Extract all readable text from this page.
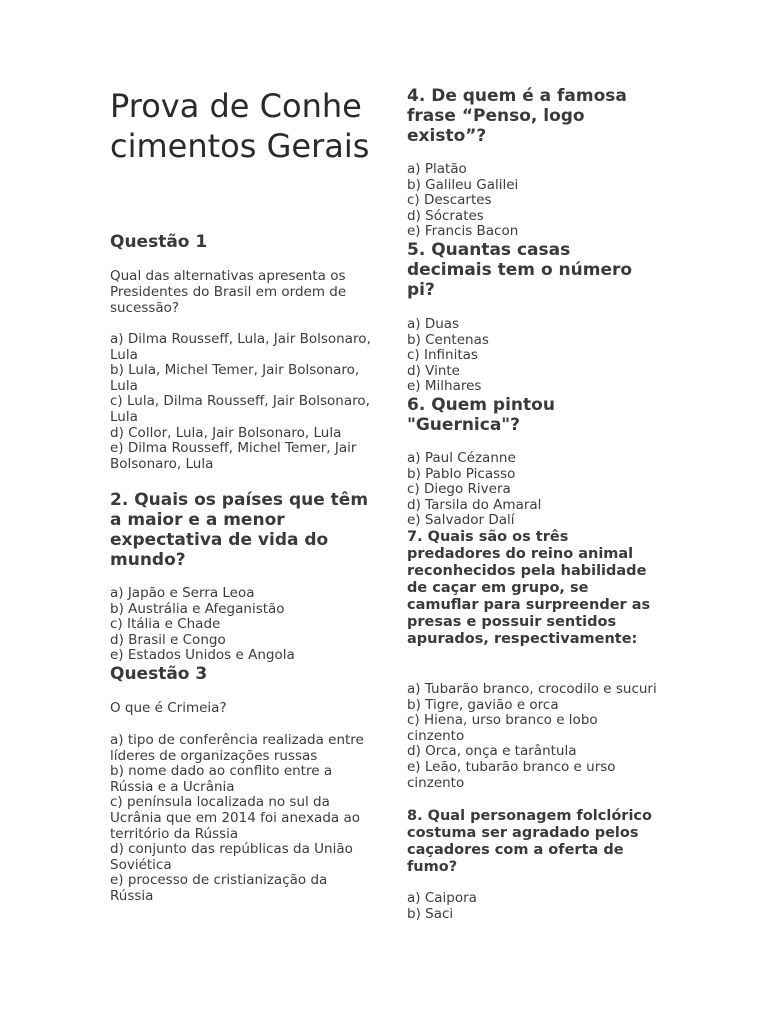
Prova de Conhecimentos Gerais

Questão 1

Qual das alternativas apresenta os Presidentes do Brasil em ordem de sucessão?

a) Dilma Rousseff, Lula, Jair Bolsonaro, Lula

b) Lula, Michel Temer, Jair Bolsonaro, Lula

c) Lula, Dilma Rousseff, Jair Bolsonaro, Lula

d) Collor, Lula, Jair Bolsonaro, Lula

e) Dilma Rousseff, Michel Temer, Jair Bolsonaro, Lula

2. Quais os países que têm a maior e a menor expectativa de vida do mundo?

a) Japão e Serra Leoa

b) Austrália e Afeganistão

c) Itália e Chade

d) Brasil e Congo

e) Estados Unidos e Angola

Questão 3

O que é Crimeia?

a) tipo de conferência realizada entre líderes de organizações russas

b) nome dado ao conflito entre a Rússia e a Ucrânia

c) península localizada no sul da Ucrânia que em 2014 foi anexada ao território da Rússia

d) conjunto das repúblicas da União Soviética

e) processo de cristianização da Rússia

4. De quem é a famosa frase “Penso, logo existo”?

a) Platão

b) Galileu Galilei

c) Descartes

d) Sócrates

e) Francis Bacon

5. Quantas casas decimais tem o número pi?

a) Duas

b) Centenas

c) Infinitas

d) Vinte

e) Milhares

6. Quem pintou "Guernica"?

a) Paul Cézanne

b) Pablo Picasso

c) Diego Rivera

d) Tarsila do Amaral

e) Salvador Dalí

7. Quais são os três predadores do reino animal reconhecidos pela habilidade de caçar em grupo, se camuflar para surpreender as presas e possuir sentidos apurados, respectivamente:

a) Tubarão branco, crocodilo e sucuri

b) Tigre, gavião e orca

c) Hiena, urso branco e lobo cinzento

d) Orca, onça e tarântula

e) Leão, tubarão branco e urso cinzento

8. Qual personagem folclórico costuma ser agradado pelos caçadores com a oferta de fumo?

a) Caipora

b) Saci
